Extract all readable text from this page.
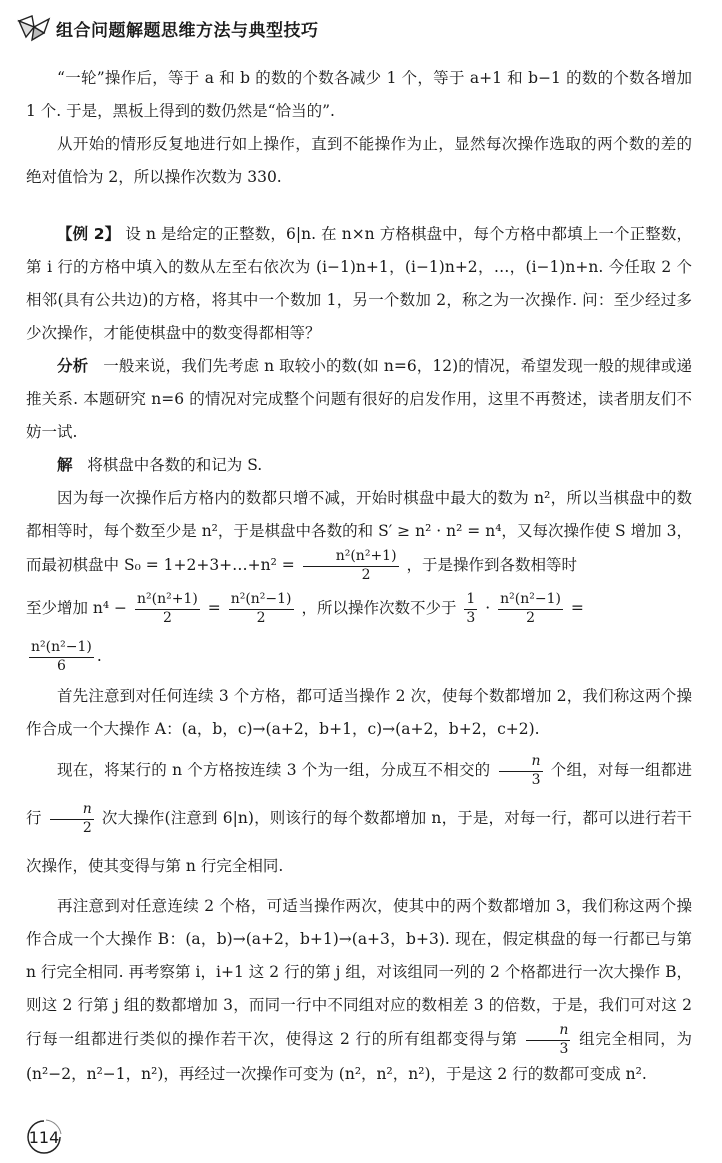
组合问题解题思维方法与典型技巧

“一轮”操作后，等于 a 和 b 的数的个数各减少 1 个，等于 a+1 和 b−1 的数的个数各增加 1 个. 于是，黑板上得到的数仍然是“恰当的”.

从开始的情形反复地进行如上操作，直到不能操作为止，显然每次操作选取的两个数的差的绝对值恰为 2，所以操作次数为 330.

【例 2】 设 n 是给定的正整数，6|n. 在 n×n 方格棋盘中，每个方格中都填上一个正整数，第 i 行的方格中填入的数从左至右依次为 (i−1)n+1，(i−1)n+2，…，(i−1)n+n. 今任取 2 个相邻(具有公共边)的方格，将其中一个数加 1，另一个数加 2，称之为一次操作. 问：至少经过多少次操作，才能使棋盘中的数变得都相等？

分析 一般来说，我们先考虑 n 取较小的数(如 n=6，12)的情况，希望发现一般的规律或递推关系. 本题研究 n=6 的情况对完成整个问题有很好的启发作用，这里不再赘述，读者朋友们不妨一试.

解 将棋盘中各数的和记为 S.

因为每一次操作后方格内的数都只增不减，开始时棋盘中最大的数为 n²，所以当棋盘中的数都相等时，每个数至少是 n²，于是棋盘中各数的和 S′ ≥ n² · n² = n⁴，又每次操作使 S 增加 3，而最初棋盘中 S₀ = 1+2+3+…+n² = $\frac{\text{n²(n²+1)}}{2}$ ，于是操作到各数相等时

至少增加 $n^4 - \frac{\text{n²(n²+1)}}{2} = \frac{\text{n²(n²−1)}}{2}$ ，所以操作次数不少于 $\frac{1}{3} \cdot \frac{\text{n²(n²−1)}}{2}$ =

$\frac{\text{n²(n²−1)}}{6}$ .

首先注意到对任何连续 3 个方格，都可适当操作 2 次，使每个数都增加 2，我们称这两个操作合成一个大操作 A：(a，b，c)→(a+2，b+1，c)→(a+2，b+2，c+2).

现在，将某行的 n 个方格按连续 3 个为一组，分成互不相交的 $\frac{n}{3}$ 个组，对每一组都进行 $\frac{n}{2}$ 次大操作(注意到 6|n)，则该行的每个数都增加 n，于是，对每一行，都可以进行若干次操作，使其变得与第 n 行完全相同.

再注意到对任意连续 2 个格，可适当操作两次，使其中的两个数都增加 3，我们称这两个操作合成一个大操作 B：(a，b)→(a+2，b+1)→(a+3，b+3). 现在，假定棋盘的每一行都已与第 n 行完全相同. 再考察第 i，i+1 这 2 行的第 j 组，对该组同一列的 2 个格都进行一次大操作 B，则这 2 行第 j 组的数都增加 3，而同一行中不同组对应的数相差 3 的倍数，于是，我们可对这 2 行每一组都进行类似的操作若干次，使得这 2 行的所有组都变得与第 $\frac{n}{3}$ 组完全相同，为 (n²−2，n²−1，n²)，再经过一次操作可变为 (n²，n²，n²)，于是这 2 行的数都可变成 n².

114
